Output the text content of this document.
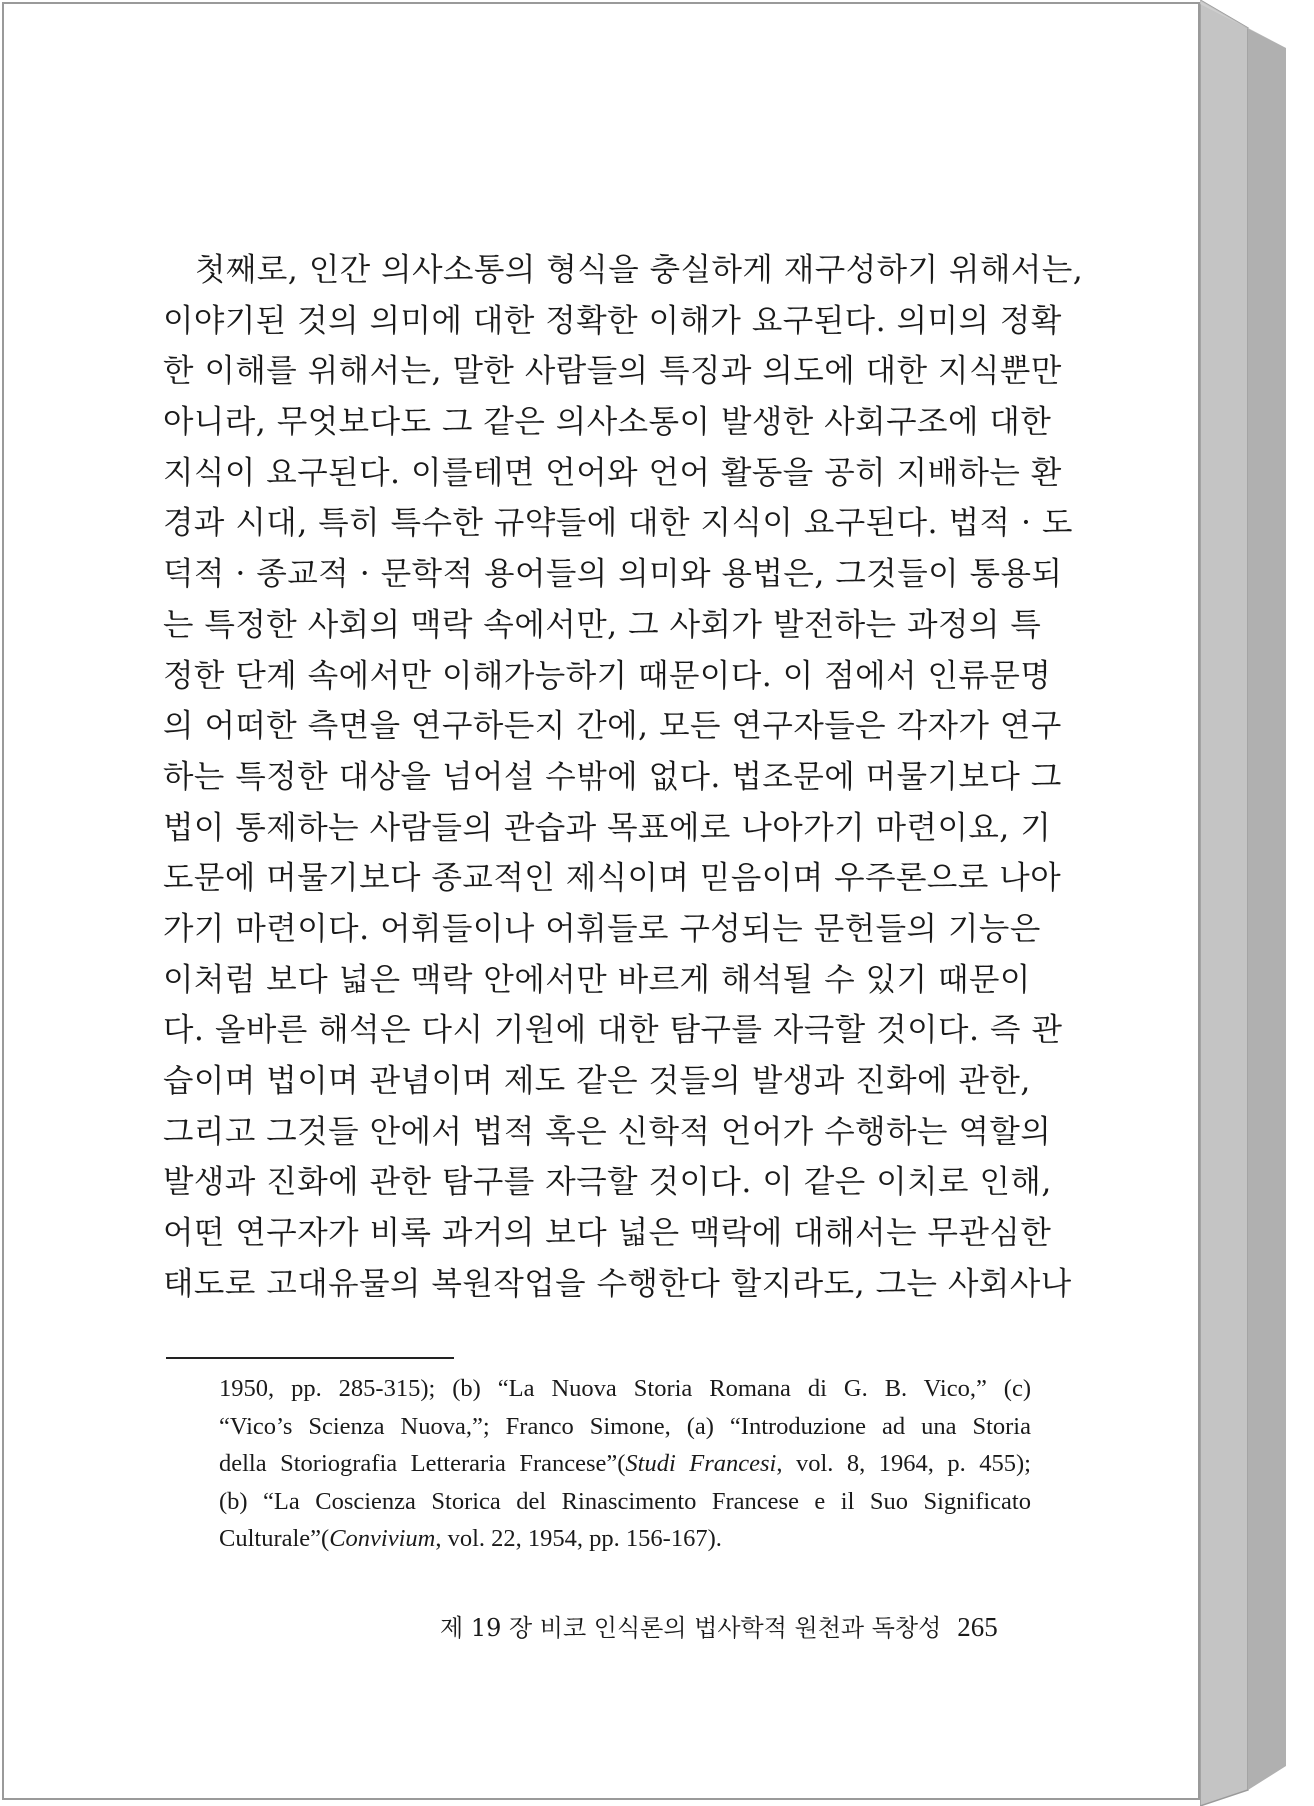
첫째로, 인간 의사소통의 형식을 충실하게 재구성하기 위해서는,
이야기된 것의 의미에 대한 정확한 이해가 요구된다. 의미의 정확
한 이해를 위해서는, 말한 사람들의 특징과 의도에 대한 지식뿐만
아니라, 무엇보다도 그 같은 의사소통이 발생한 사회구조에 대한
지식이 요구된다. 이를테면 언어와 언어 활동을 공히 지배하는 환
경과 시대, 특히 특수한 규약들에 대한 지식이 요구된다. 법적 · 도
덕적 · 종교적 · 문학적 용어들의 의미와 용법은, 그것들이 통용되
는 특정한 사회의 맥락 속에서만, 그 사회가 발전하는 과정의 특
정한 단계 속에서만 이해가능하기 때문이다. 이 점에서 인류문명
의 어떠한 측면을 연구하든지 간에, 모든 연구자들은 각자가 연구
하는 특정한 대상을 넘어설 수밖에 없다. 법조문에 머물기보다 그
법이 통제하는 사람들의 관습과 목표에로 나아가기 마련이요, 기
도문에 머물기보다 종교적인 제식이며 믿음이며 우주론으로 나아
가기 마련이다. 어휘들이나 어휘들로 구성되는 문헌들의 기능은
이처럼 보다 넓은 맥락 안에서만 바르게 해석될 수 있기 때문이
다. 올바른 해석은 다시 기원에 대한 탐구를 자극할 것이다. 즉 관
습이며 법이며 관념이며 제도 같은 것들의 발생과 진화에 관한,
그리고 그것들 안에서 법적 혹은 신학적 언어가 수행하는 역할의
발생과 진화에 관한 탐구를 자극할 것이다. 이 같은 이치로 인해,
어떤 연구자가 비록 과거의 보다 넓은 맥락에 대해서는 무관심한
태도로 고대유물의 복원작업을 수행한다 할지라도, 그는 사회사나
1950, pp. 285-315); (b) “La Nuova Storia Romana di G. B. Vico,” (c)
“Vico’s Scienza Nuova,”; Franco Simone, (a) “Introduzione ad una Storia
della Storiografia Letteraria Francese”(Studi Francesi, vol. 8, 1964, p. 455);
(b) “La Coscienza Storica del Rinascimento Francese e il Suo Significato
Culturale”(Convivium, vol. 22, 1954, pp. 156-167).
제 19 장 비코 인식론의 법사학적 원천과 독창성 265
